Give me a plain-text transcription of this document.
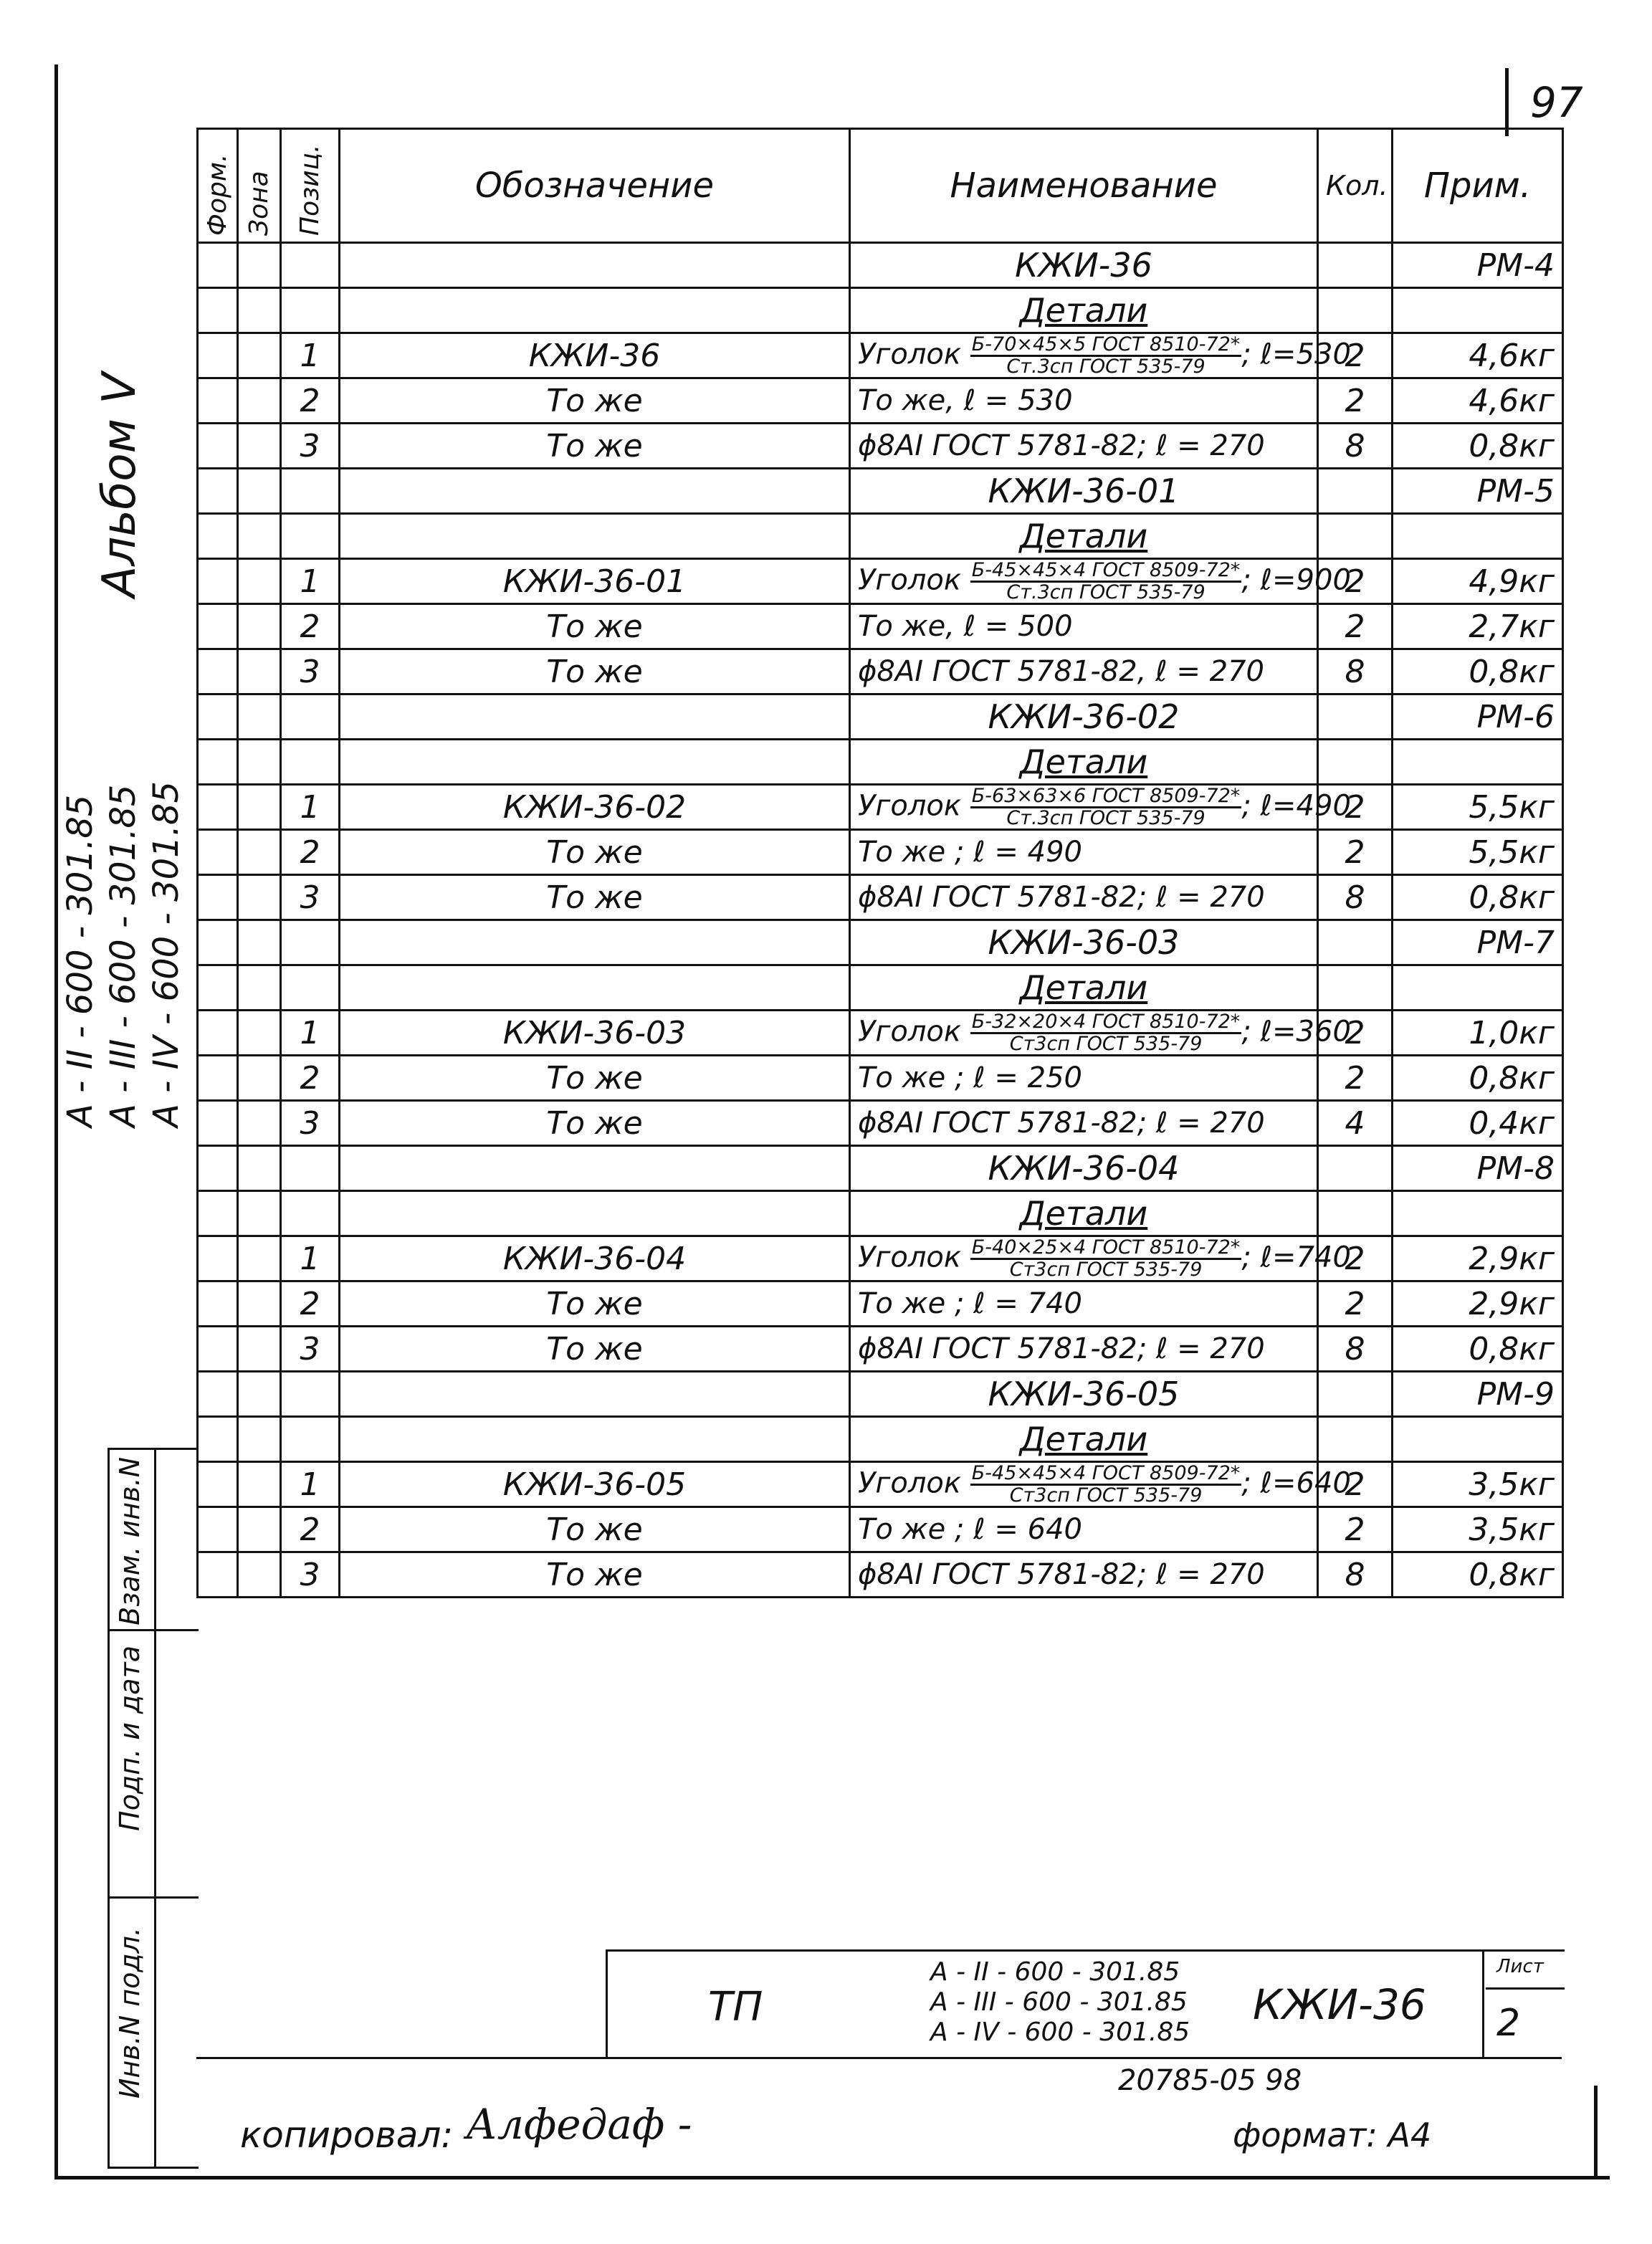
97
Альбом V
А - II - 600 - 301.85 А - III - 600 - 301.85 А - IV - 600 - 301.85
Форм.	Зона	Позиц.	Обозначение	Наименование	Кол.	Прим.
				КЖИ-36		РМ-4
				Детали		
		1	КЖИ-36	Уголок $\frac{\text{Б-70×45×5 ГОСТ 8510-72*}}{\text{Ст.3сп ГОСТ 535-79}}$ ; ℓ=530	2	4,6кг
		2	То же	То же, ℓ = 530	2	4,6кг
		3	То же	ϕ8АI ГОСТ 5781-82; ℓ = 270	8	0,8кг
				КЖИ-36-01		РМ-5
				Детали		
		1	КЖИ-36-01	Уголок $\frac{\text{Б-45×45×4 ГОСТ 8509-72*}}{\text{Ст.3сп ГОСТ 535-79}}$ ; ℓ=900	2	4,9кг
		2	То же	То же, ℓ = 500	2	2,7кг
		3	То же	ϕ8АI ГОСТ 5781-82, ℓ = 270	8	0,8кг
				КЖИ-36-02		РМ-6
				Детали		
		1	КЖИ-36-02	Уголок $\frac{\text{Б-63×63×6 ГОСТ 8509-72*}}{\text{Ст.3сп ГОСТ 535-79}}$ ; ℓ=490	2	5,5кг
		2	То же	То же ; ℓ = 490	2	5,5кг
		3	То же	ϕ8АI ГОСТ 5781-82; ℓ = 270	8	0,8кг
				КЖИ-36-03		РМ-7
				Детали		
		1	КЖИ-36-03	Уголок $\frac{\text{Б-32×20×4 ГОСТ 8510-72*}}{\text{Ст3сп ГОСТ 535-79}}$ ; ℓ=360	2	1,0кг
		2	То же	То же ; ℓ = 250	2	0,8кг
		3	То же	ϕ8АI ГОСТ 5781-82; ℓ = 270	4	0,4кг
				КЖИ-36-04		РМ-8
				Детали		
		1	КЖИ-36-04	Уголок $\frac{\text{Б-40×25×4 ГОСТ 8510-72*}}{\text{Ст3сп ГОСТ 535-79}}$ ; ℓ=740	2	2,9кг
		2	То же	То же ; ℓ = 740	2	2,9кг
		3	То же	ϕ8АI ГОСТ 5781-82; ℓ = 270	8	0,8кг
				КЖИ-36-05		РМ-9
				Детали		
		1	КЖИ-36-05	Уголок $\frac{\text{Б-45×45×4 ГОСТ 8509-72*}}{\text{Ст3сп ГОСТ 535-79}}$ ; ℓ=640	2	3,5кг
		2	То же	То же ; ℓ = 640	2	3,5кг
		3	То же	ϕ8АI ГОСТ 5781-82; ℓ = 270	8	0,8кг
Взам. инв.N
Подп. и дата
Инв.N подл.	ТП
А - II - 600 - 301.85
А - III - 600 - 301.85
А - IV - 600 - 301.85
КЖИ-36
Лист
2
20785-05 98
копировал: Алфедаф -	формат: А4
